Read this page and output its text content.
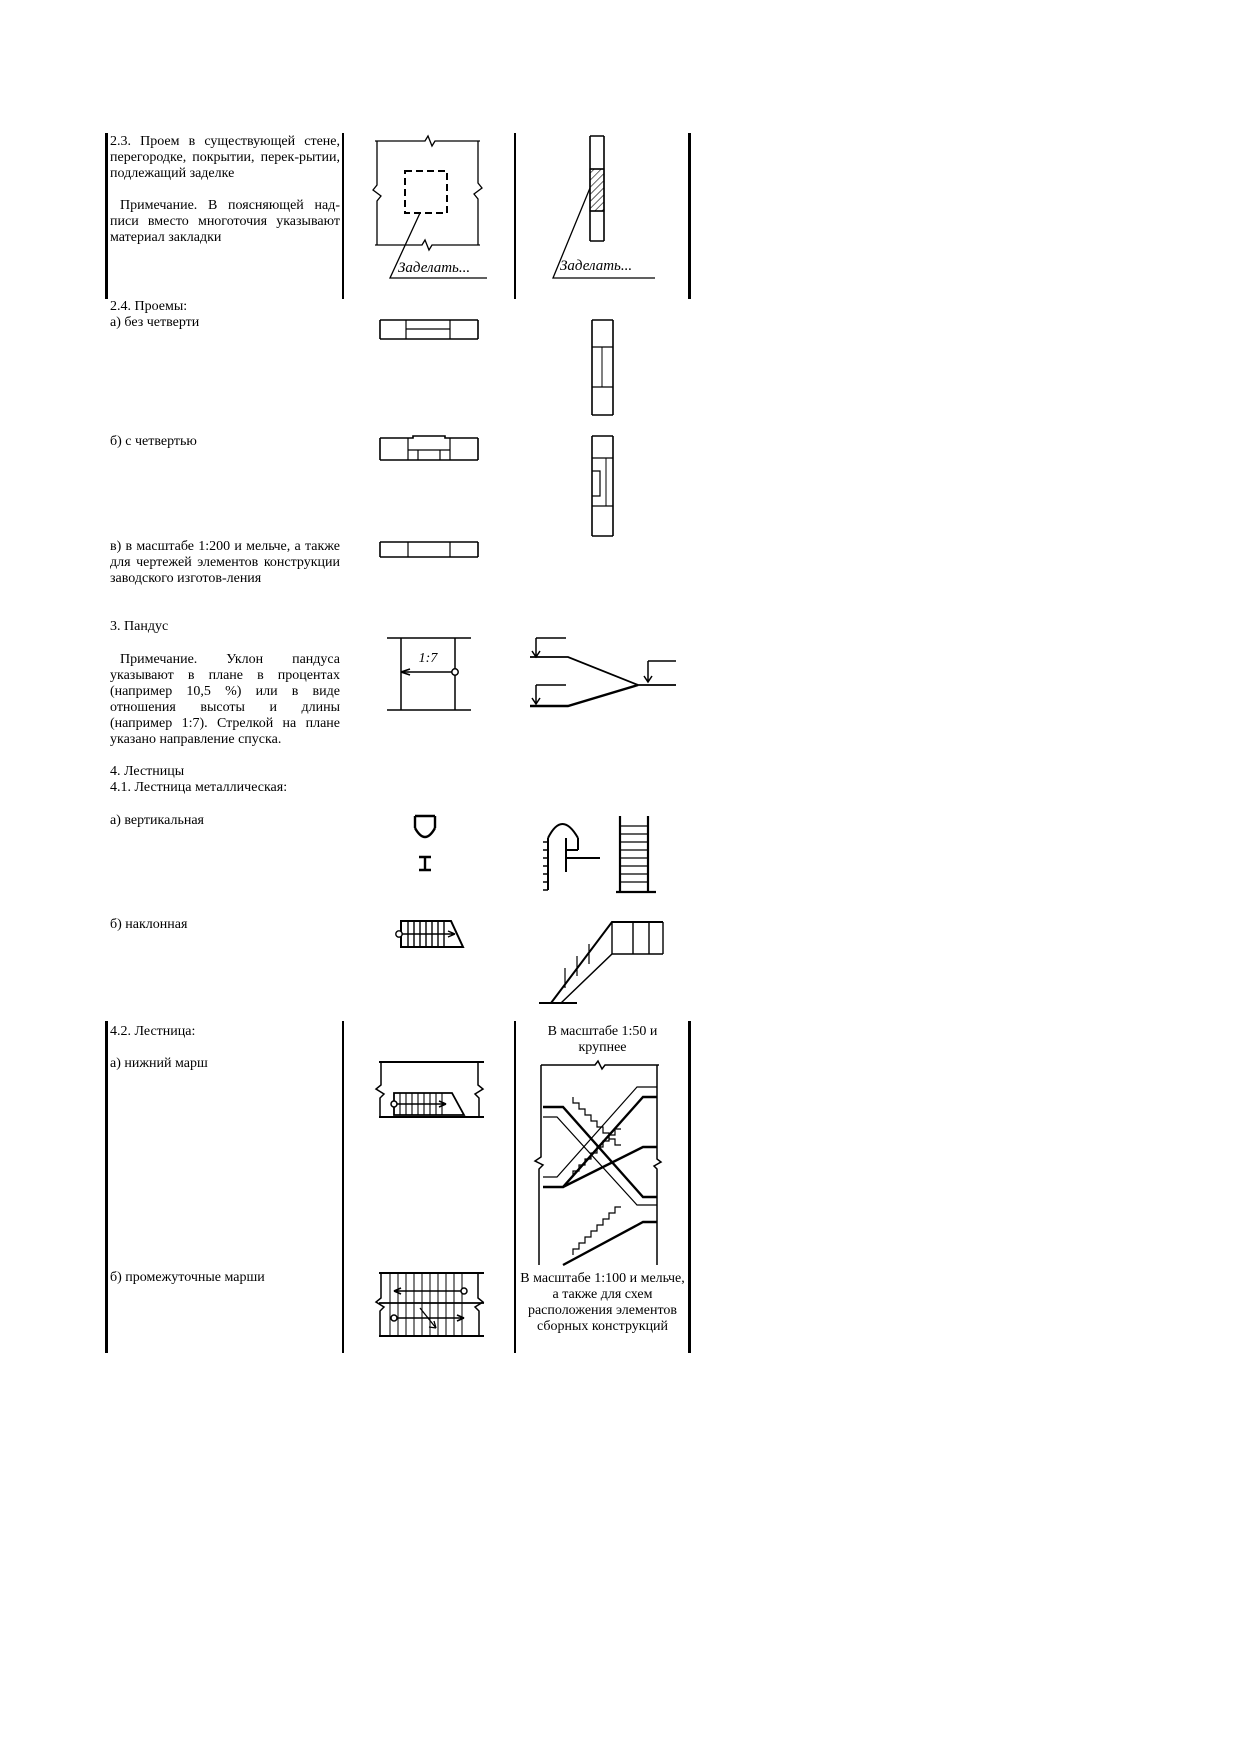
2.3. Проем в существующей стене, перегородке, покрытии, перек-рытии, подлежащий заделке
Примечание. В поясняющей над-писи вместо многоточия указывают материал закладки
Заделать...	Заделать...
2.4. Проемы:
а) без четверти
б) с четвертью
в) в масштабе 1:200 и мельче, а также для чертежей элементов конструкции заводского изготов-ления
3. Пандус
Примечание. Уклон пандуса указывают в плане в процентах (например 10,5 %) или в виде отношения высоты и длины (например 1:7). Стрелкой на плане указано направление спуска.
1:7
4. Лестницы
4.1. Лестница металлическая:
а) вертикальная
б) наклонная
4.2. Лестница:
а) нижний марш
б) промежуточные марши
В масштабе 1:50 и крупнее
В масштабе 1:100 и мельче, а также для схем расположения элементов сборных конструкций
